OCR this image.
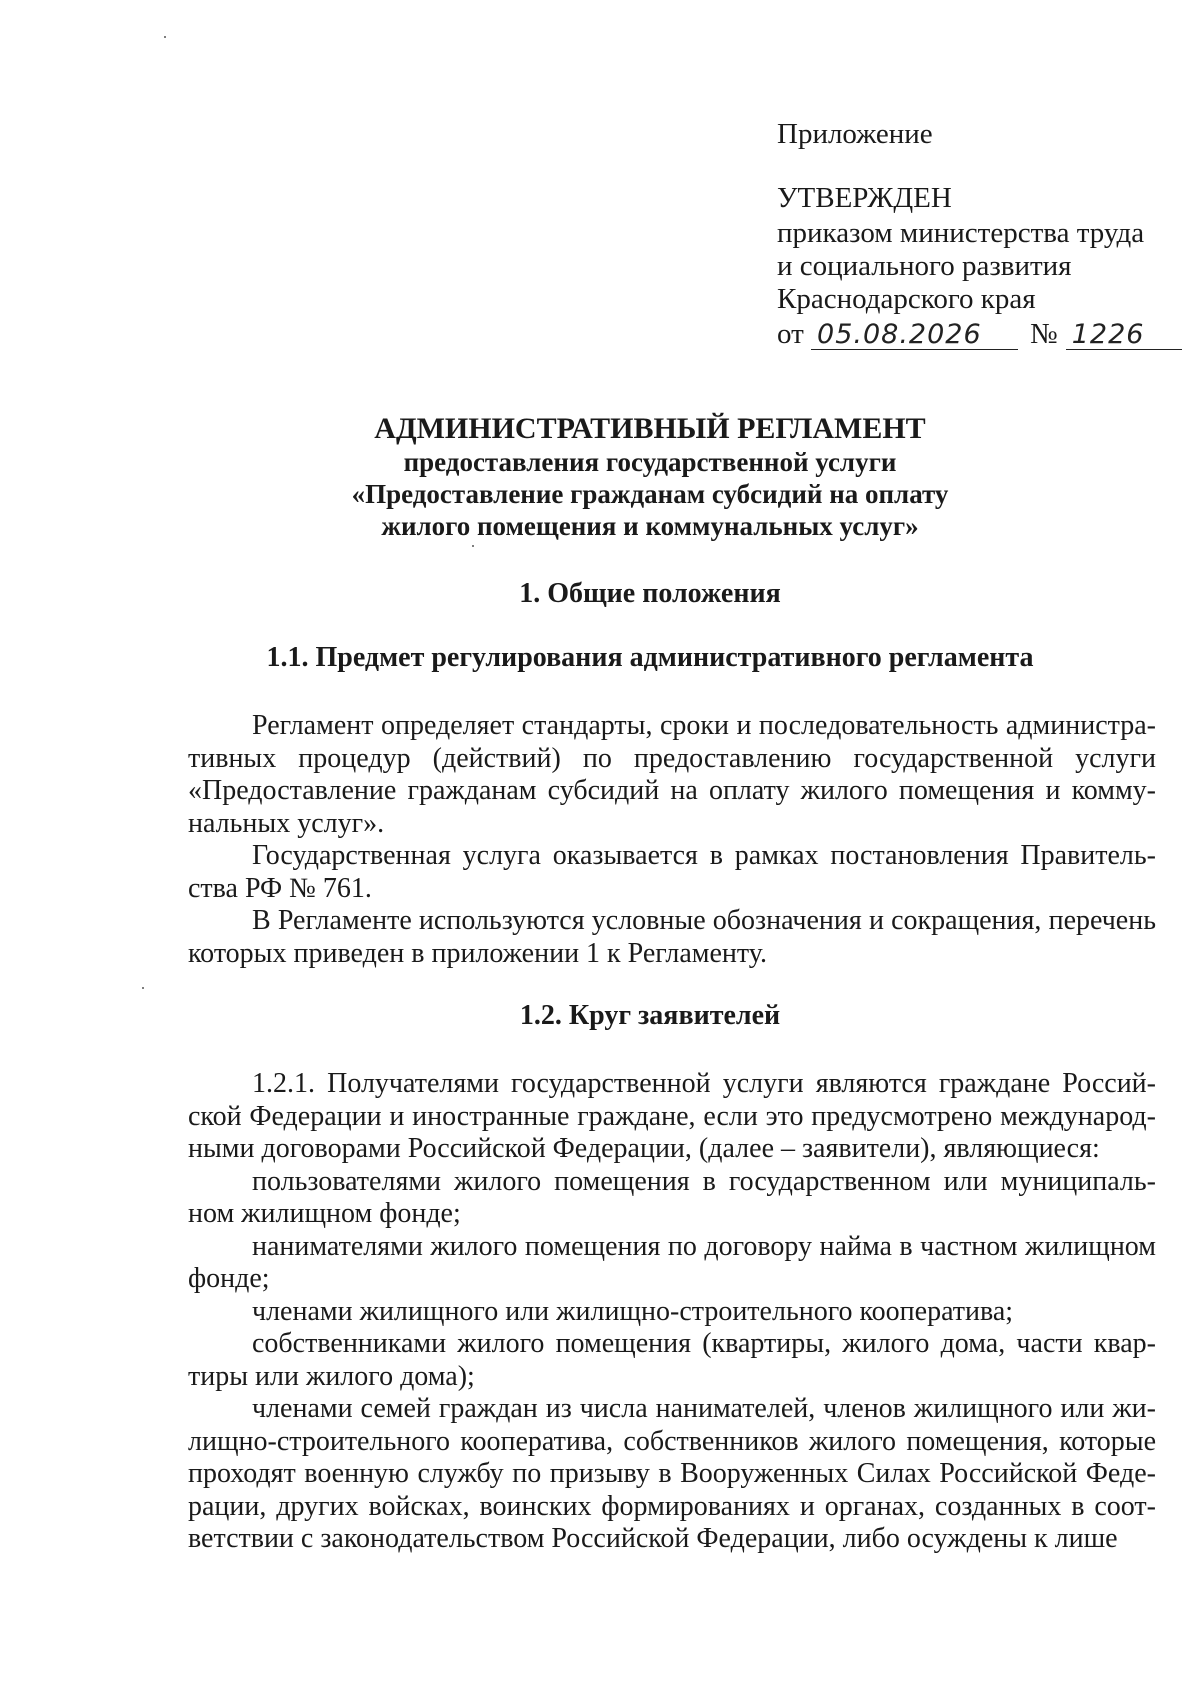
Приложение
УТВЕРЖДЕН
приказом министерства труда
и социального развития
Краснодарского края
от 05.08.2026 № 1226
АДМИНИСТРАТИВНЫЙ РЕГЛАМЕНТ
предоставления государственной услуги
«Предоставление гражданам субсидий на оплату
жилого помещения и коммунальных услуг»
1. Общие положения
1.1. Предмет регулирования административного регламента

Регламент определяет стандарты, сроки и последовательность административных процедур (действий) по предоставлению государственной услуги «Предоставление гражданам субсидий на оплату жилого помещения и коммунальных услуг».

Государственная услуга оказывается в рамках постановления Правительства РФ № 761.

В Регламенте используются условные обозначения и сокращения, перечень которых приведен в приложении 1 к Регламенту.

1.2. Круг заявителей

1.2.1. Получателями государственной услуги являются граждане Российской Федерации и иностранные граждане, если это предусмотрено международными договорами Российской Федерации, (далее – заявители), являющиеся:

пользователями жилого помещения в государственном или муниципальном жилищном фонде;

нанимателями жилого помещения по договору найма в частном жилищном фонде;

членами жилищного или жилищно-строительного кооператива;

собственниками жилого помещения (квартиры, жилого дома, части квартиры или жилого дома);

членами семей граждан из числа нанимателей, членов жилищного или жилищно-строительного кооператива, собственников жилого помещения, которые проходят военную службу по призыву в Вооруженных Силах Российской Федерации, других войсках, воинских формированиях и органах, созданных в соответствии с законодательством Российской Федерации, либо осуждены к лише
